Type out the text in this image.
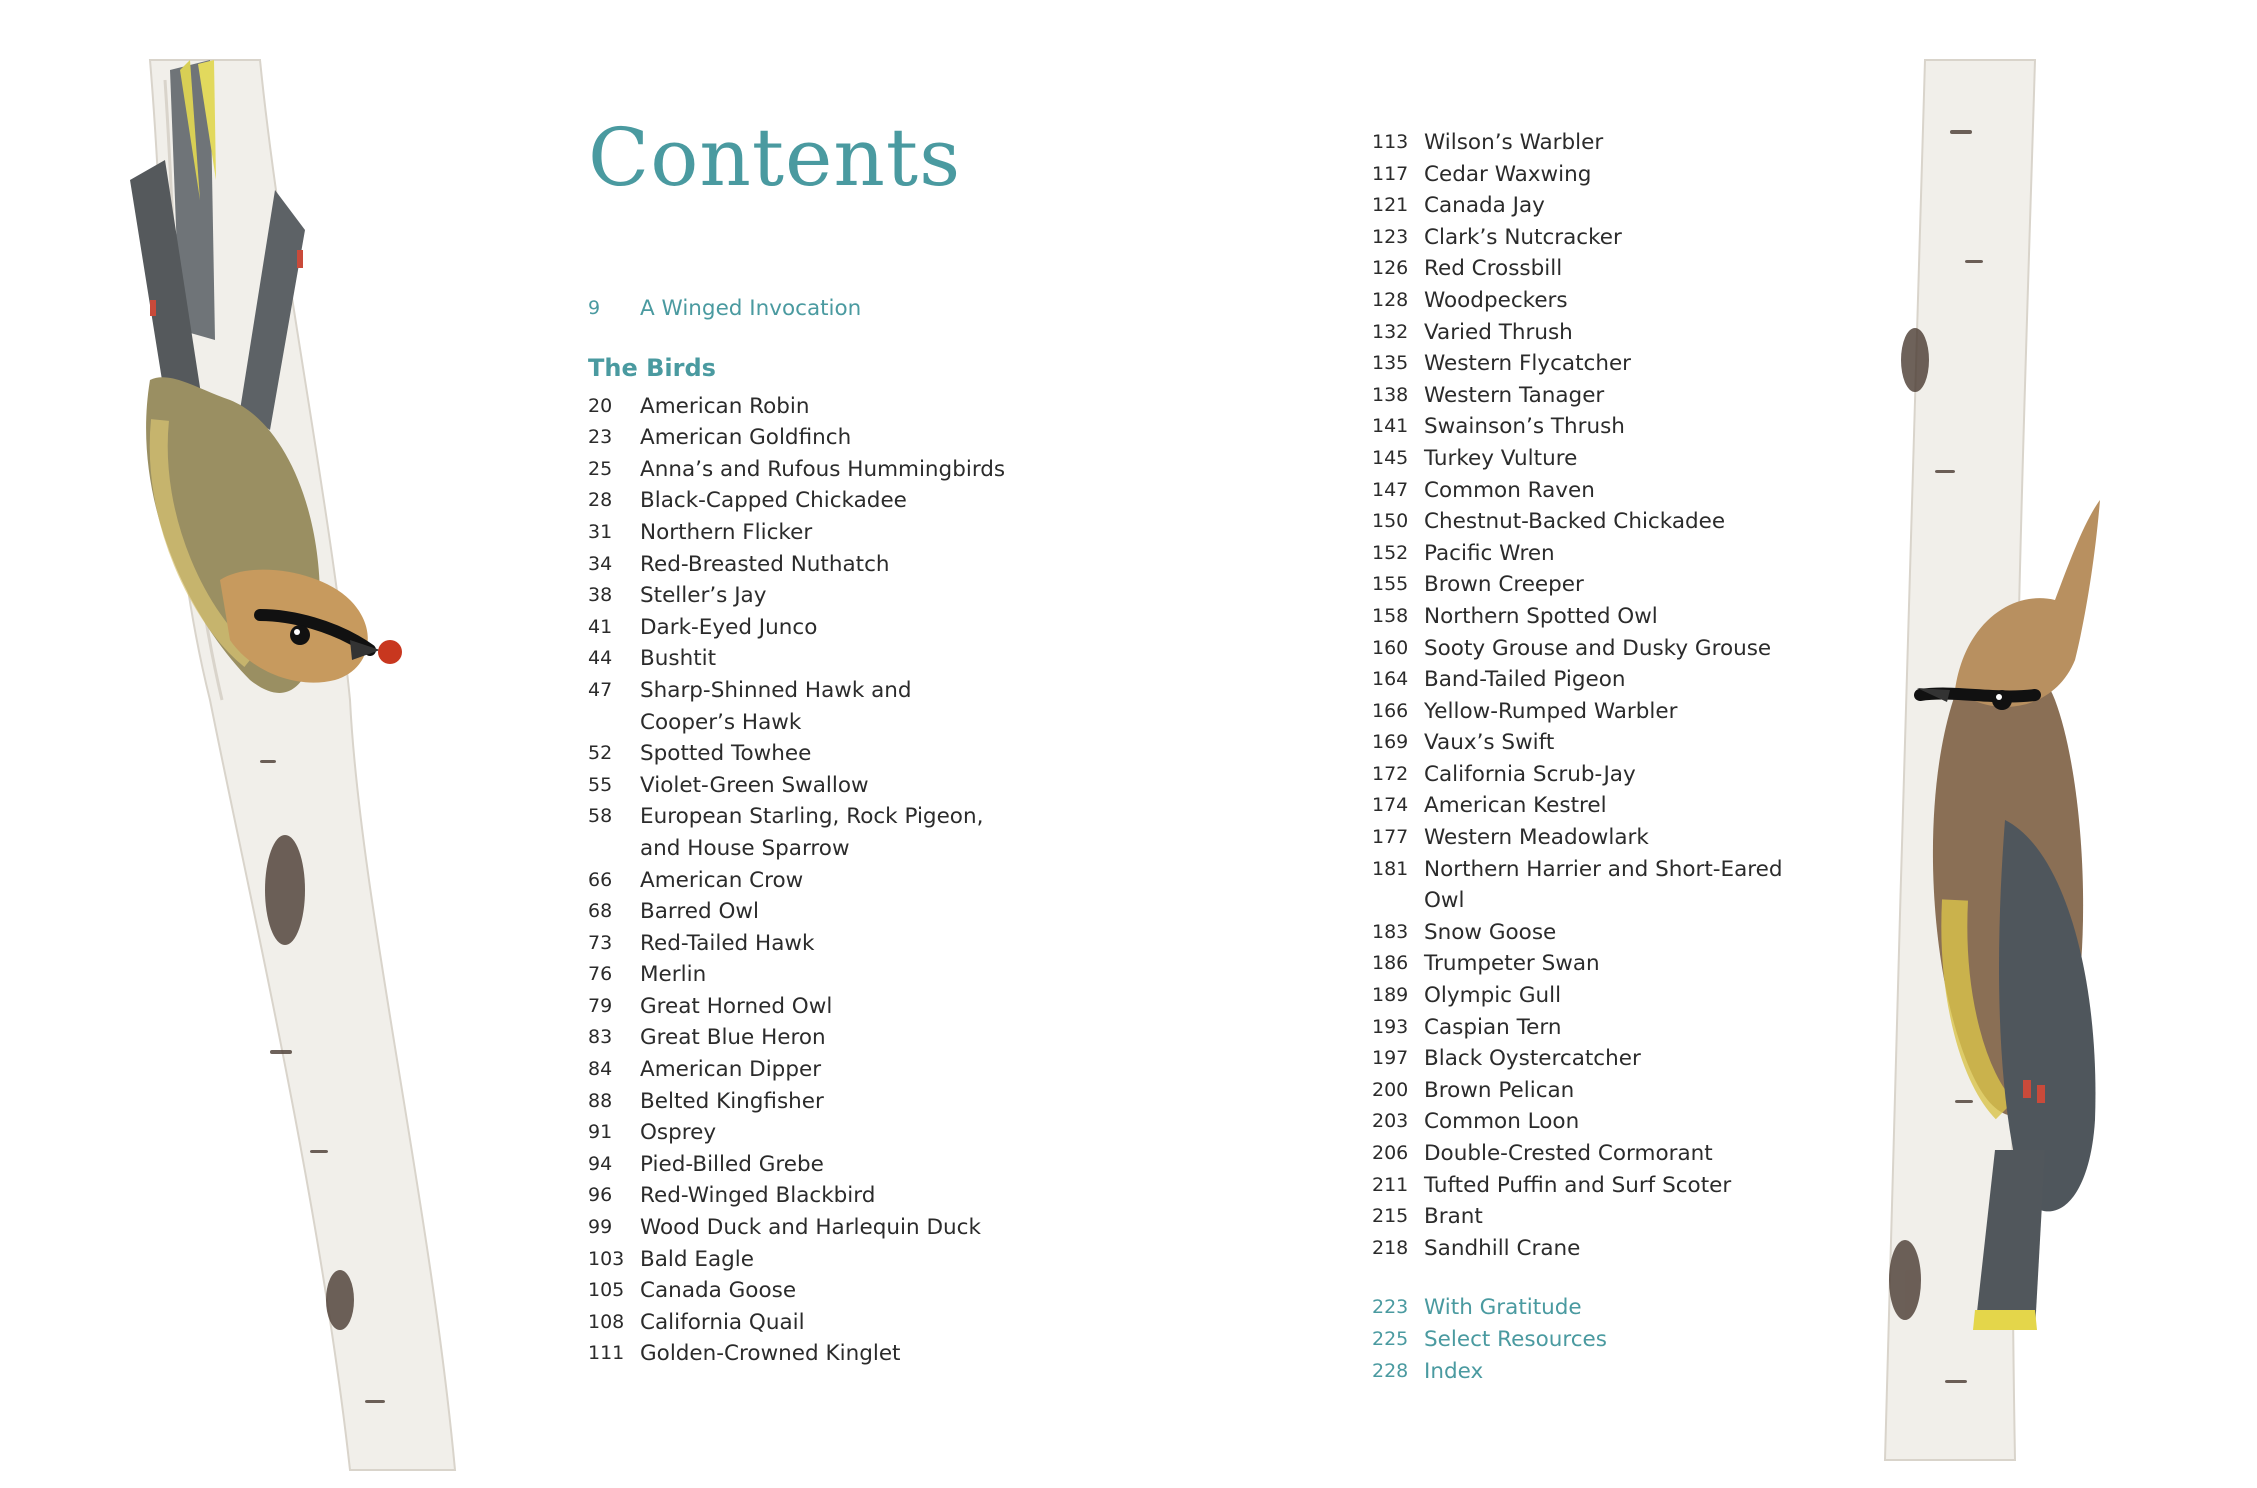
Contents
9	A Winged Invocation
The Birds
20	American Robin
23	American Goldfinch
25	Anna’s and Rufous Hummingbirds
28	Black-Capped Chickadee
31	Northern Flicker
34	Red-Breasted Nuthatch
38	Steller’s Jay
41	Dark-Eyed Junco
44	Bushtit
47	Sharp-Shinned Hawk and Cooper’s Hawk
52	Spotted Towhee
55	Violet-Green Swallow
58	European Starling, Rock Pigeon, and House Sparrow
66	American Crow
68	Barred Owl
73	Red-Tailed Hawk
76	Merlin
79	Great Horned Owl
83	Great Blue Heron
84	American Dipper
88	Belted Kingfisher
91	Osprey
94	Pied-Billed Grebe
96	Red-Winged Blackbird
99	Wood Duck and Harlequin Duck
103 Bald Eagle
105 Canada Goose
108 California Quail
111 Golden-Crowned Kinglet
113 Wilson’s Warbler
117 Cedar Waxwing
121 Canada Jay
123 Clark’s Nutcracker
126 Red Crossbill
128 Woodpeckers
132 Varied Thrush
135 Western Flycatcher
138 Western Tanager
141 Swainson’s Thrush
145 Turkey Vulture
147 Common Raven
150 Chestnut-Backed Chickadee
152 Pacific Wren
155 Brown Creeper
158 Northern Spotted Owl
160 Sooty Grouse and Dusky Grouse
164 Band-Tailed Pigeon
166 Yellow-Rumped Warbler
169 Vaux’s Swift
172 California Scrub-Jay
174 American Kestrel
177 Western Meadowlark
181 Northern Harrier and Short-Eared Owl
183 Snow Goose
186 Trumpeter Swan
189 Olympic Gull
193 Caspian Tern
197 Black Oystercatcher
200 Brown Pelican
203 Common Loon
206 Double-Crested Cormorant
211 Tufted Puffin and Surf Scoter
215 Brant
218 Sandhill Crane
223 With Gratitude
225 Select Resources
228 Index
